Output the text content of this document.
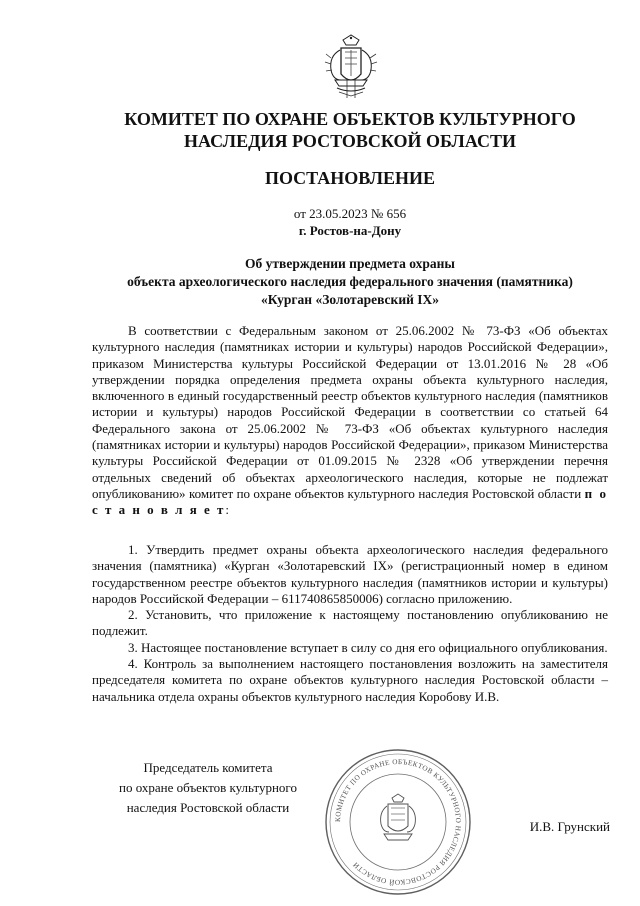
КОМИТЕТ ПО ОХРАНЕ ОБЪЕКТОВ КУЛЬТУРНОГО
НАСЛЕДИЯ РОСТОВСКОЙ ОБЛАСТИ
ПОСТАНОВЛЕНИЕ
от 23.05.2023 № 656
г. Ростов-на-Дону
Об утверждении предмета охраны
объекта археологического наследия федерального значения (памятника)
«Курган «Золотаревский IX»

В соответствии с Федеральным законом от 25.06.2002 № 73-ФЗ «Об объектах культурного наследия (памятниках истории и культуры) народов Российской Федерации», приказом Министерства культуры Российской Федерации от 13.01.2016 № 28 «Об утверждении порядка определения предмета охраны объекта культурного наследия, включенного в единый государственный реестр объектов культурного наследия (памятников истории и культуры) народов Российской Федерации в соответствии со статьей 64 Федерального закона от 25.06.2002 № 73-ФЗ «Об объектах культурного наследия (памятниках истории и культуры) народов Российской Федерации», приказом Министерства культуры Российской Федерации от 01.09.2015 № 2328 «Об утверждении перечня отдельных сведений об объектах археологического наследия, которые не подлежат опубликованию» комитет по охране объектов культурного наследия Ростовской области п о с т а н о в л я е т:

1. Утвердить предмет охраны объекта археологического наследия федерального значения (памятника) «Курган «Золотаревский IX» (регистрационный номер в едином государственном реестре объектов культурного наследия (памятников истории и культуры) народов Российской Федерации – 611740865850006) согласно приложению.

2. Установить, что приложение к настоящему постановлению опубликованию не подлежит.

3. Настоящее постановление вступает в силу со дня его официального опубликования.

4. Контроль за выполнением настоящего постановления возложить на заместителя председателя комитета по охране объектов культурного наследия Ростовской области – начальника отдела охраны объектов культурного наследия Коробову И.В.

Председатель комитета
по охране объектов культурного
наследия Ростовской области
КОМИТЕТ ПО ОХРАНЕ ОБЪЕКТОВ КУЛЬТУРНОГО НАСЛЕДИЯ РОСТОВСКОЙ ОБЛАСТИ
И.В. Грунский
